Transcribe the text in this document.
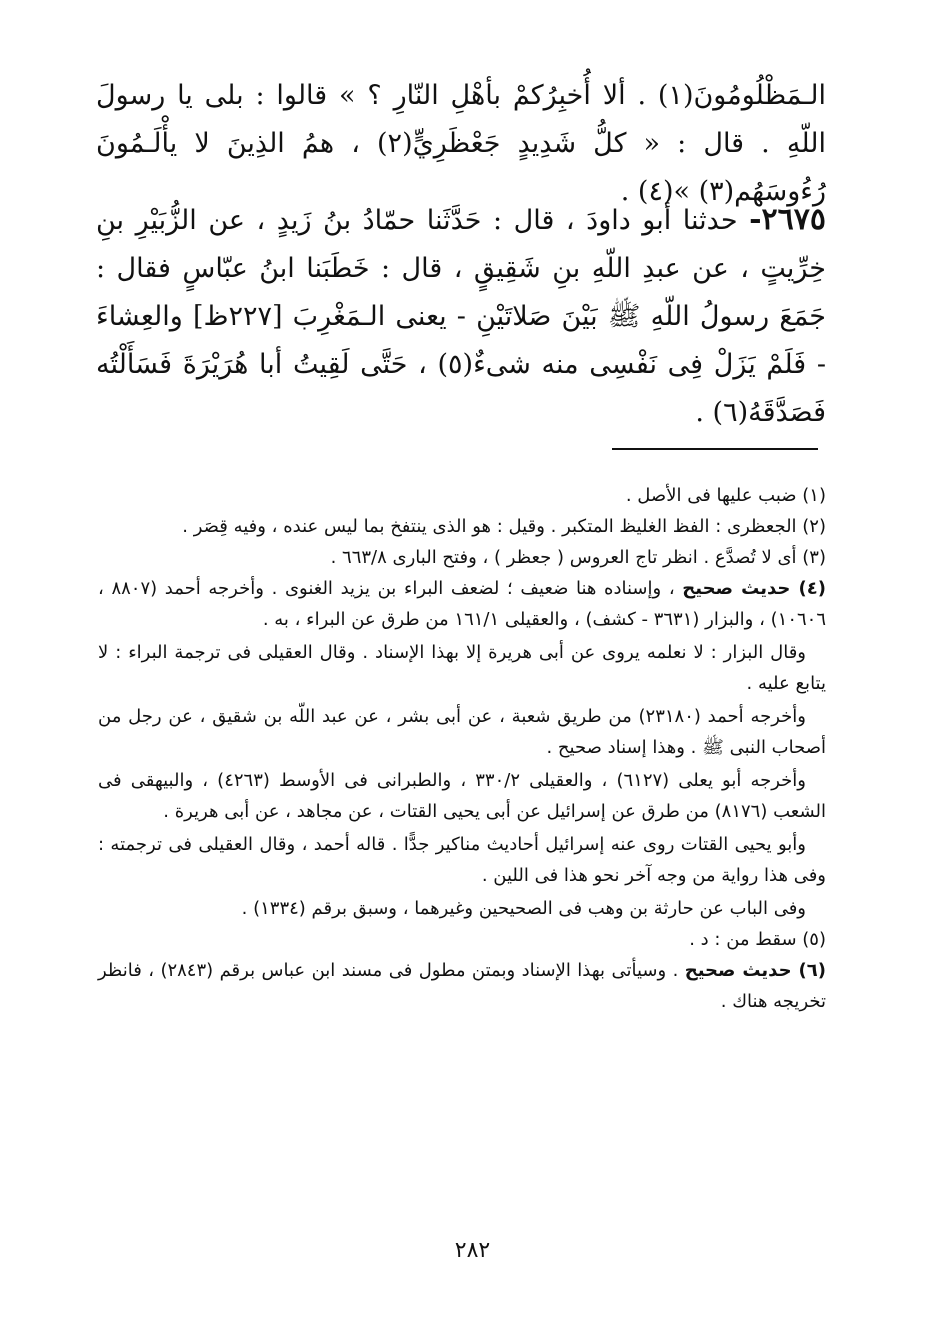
الـمَظْلُومُونَ(١) . ألا أُخبِرُكمْ بأهْلِ النّارِ ؟ » قالوا : بلى يا رسولَ اللّهِ . قال : « كلُّ شَدِيدٍ جَعْظَرِيٍّ(٢) ، همُ الذِينَ لا يأْلَـمُونَ رُءُوسَهُم(٣) »(٤) .

٢٦٧٥- حدثنا أبو داودَ ، قال : حَدَّثَنا حمّادُ بنُ زَيدٍ ، عن الزُّبَيْرِ بنِ خِرِّيتٍ ، عن عبدِ اللّهِ بنِ شَقِيقٍ ، قال : خَطَبَنا ابنُ عبّاسٍ فقال : جَمَعَ رسولُ اللّهِ ﷺ بَيْنَ صَلاتَيْنِ - يعنى الـمَغْرِبَ [٢٢٧ظ] والعِشاءَ - فَلَمْ يَزَلْ فِى نَفْسِى منه شىءٌ(٥) ، حَتَّى لَقِيتُ أبا هُرَيْرَةَ فَسَأَلْتُه فَصَدَّقَهُ(٦) .

(١) ضبب عليها فى الأصل .

(٢) الجعظرى : الفظ الغليظ المتكبر . وقيل : هو الذى ينتفخ بما ليس عنده ، وفيه قِصَر .

(٣) أى لا تُصدَّع . انظر تاج العروس ( جعظر ) ، وفتح البارى ٦٦٣/٨ .

(٤) حديث صحيح ، وإسناده هنا ضعيف ؛ لضعف البراء بن يزيد الغنوى . وأخرجه أحمد (٨٨٠٧ ، ١٠٦٠٦) ، والبزار (٣٦٣١ - كشف) ، والعقيلى ١٦١/١ من طرق عن البراء ، به .

وقال البزار : لا نعلمه يروى عن أبى هريرة إلا بهذا الإسناد . وقال العقيلى فى ترجمة البراء : لا يتابع عليه .

وأخرجه أحمد (٢٣١٨٠) من طريق شعبة ، عن أبى بشر ، عن عبد اللّه بن شقيق ، عن رجل من أصحاب النبى ﷺ . وهذا إسناد صحيح .

وأخرجه أبو يعلى (٦١٢٧) ، والعقيلى ٣٣٠/٢ ، والطبرانى فى الأوسط (٤٢٦٣) ، والبيهقى فى الشعب (٨١٧٦) من طرق عن إسرائيل عن أبى يحيى القتات ، عن مجاهد ، عن أبى هريرة .

وأبو يحيى القتات روى عنه إسرائيل أحاديث مناكير جدًّا . قاله أحمد ، وقال العقيلى فى ترجمته : وفى هذا رواية من وجه آخر نحو هذا فى اللين .

وفى الباب عن حارثة بن وهب فى الصحيحين وغيرهما ، وسبق برقم (١٣٣٤) .

(٥) سقط من : د .

(٦) حديث صحيح . وسيأتى بهذا الإسناد وبمتن مطول فى مسند ابن عباس برقم (٢٨٤٣) ، فانظر تخريجه هناك .

٢٨٢
